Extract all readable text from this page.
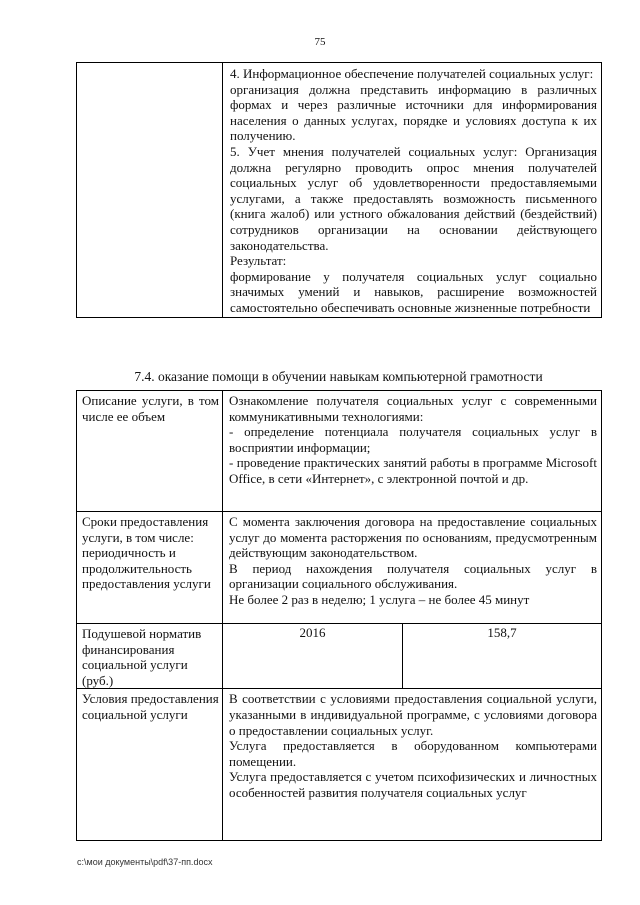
75

4. Информационное обеспечение получателей социальных услуг:
организация должна представить информацию в различных формах и через различные источники для информирования населения о данных услугах, порядке и условиях доступа к их получению.
5. Учет мнения получателей социальных услуг: Организация должна регулярно проводить опрос мнения получателей социальных услуг об удовлетворенности предоставляемыми услугами, а также предоставлять возможность письменного (книга жалоб) или устного обжалования действий (бездействий) сотрудников организации на основании действующего законодательства.
Результат:
формирование у получателя социальных услуг социально значимых умений и навыков, расширение возможностей самостоятельно обеспечивать основные жизненные потребности
7.4. оказание помощи в обучении навыкам компьютерной грамотности
Описание услуги, в том числе ее объем	Ознакомление получателя социальных услуг с современными коммуникативными технологиями:
- определение потенциала получателя социальных услуг в восприятии информации;
- проведение практических занятий работы в программе Microsoft Office, в сети «Интернет», с электронной почтой и др.	

Сроки предоставления услуги, в том числе: периодичность и продолжительность предоставления услуги	С момента заключения договора на предоставление социальных услуг до момента расторжения по основаниям, предусмотренным действующим законодательством.
В период нахождения получателя социальных услуг в организации социального обслуживания.
Не более 2 раз в неделю; 1 услуга – не более 45 минут	

Подушевой норматив финансирования социальной услуги (руб.)	2016	158,7
Условия предоставления социальной услуги	В соответствии с условиями предоставления социальной услуги, указанными в индивидуальной программе, с условиями договора о предоставлении социальных услуг.
Услуга предоставляется в оборудованном компьютерами помещении.
Услуга предоставляется с учетом психофизических и личностных особенностей развития получателя социальных услуг	
c:\мои документы\pdf\37-пп.docx
